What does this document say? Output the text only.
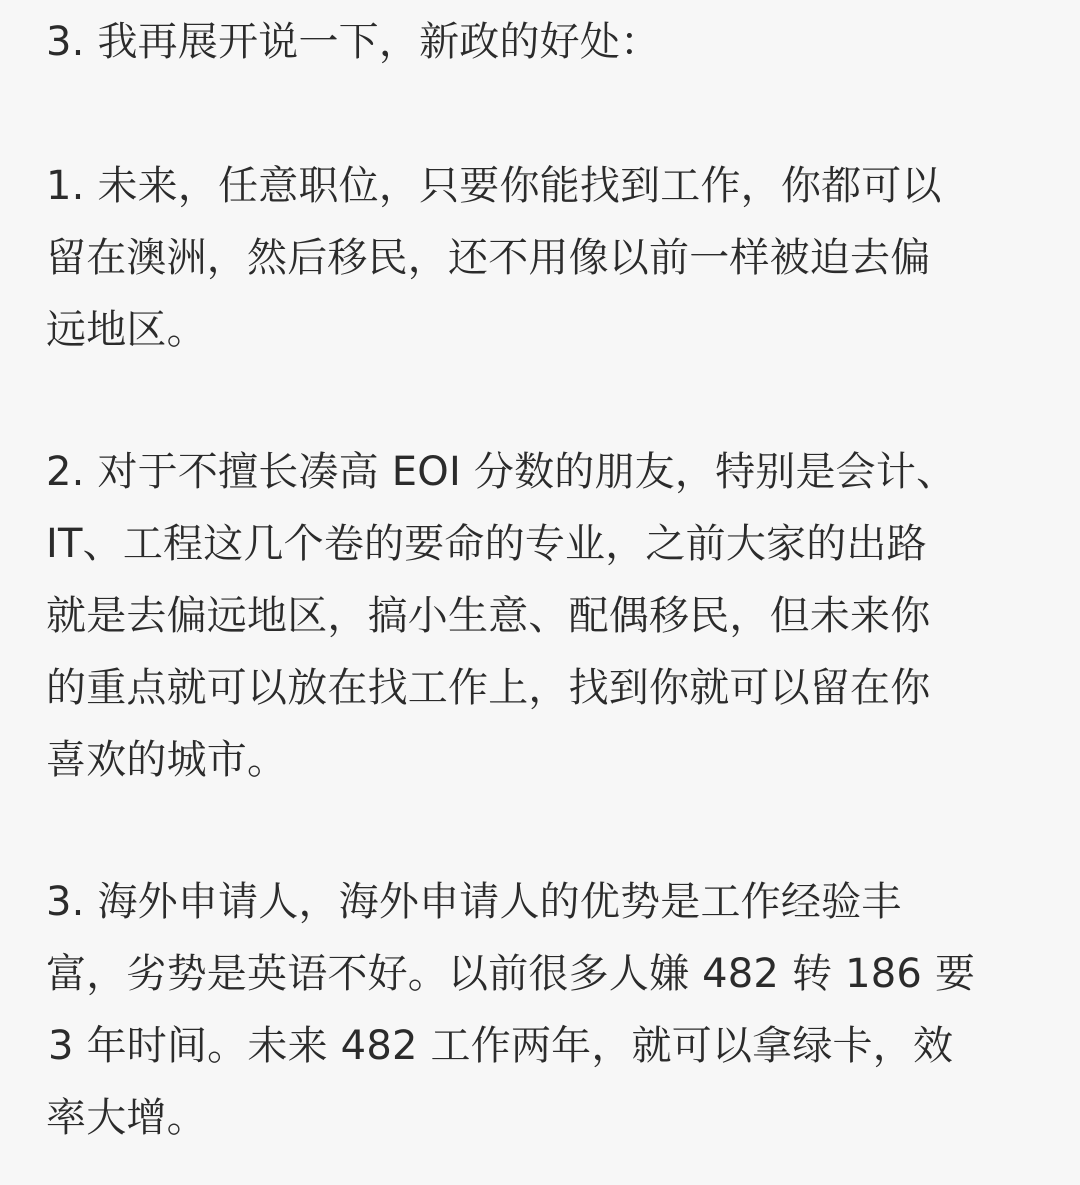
3. 我再展开说一下，新政的好处：
1. 未来，任意职位，只要你能找到工作，你都可以
留在澳洲，然后移民，还不用像以前一样被迫去偏
远地区。
2. 对于不擅长凑高 EOI 分数的朋友，特别是会计、
IT、工程这几个卷的要命的专业，之前大家的出路
就是去偏远地区，搞小生意、配偶移民，但未来你
的重点就可以放在找工作上，找到你就可以留在你
喜欢的城市。
3. 海外申请人，海外申请人的优势是工作经验丰
富，劣势是英语不好。以前很多人嫌 482 转 186 要
3 年时间。未来 482 工作两年，就可以拿绿卡，效
率大增。
